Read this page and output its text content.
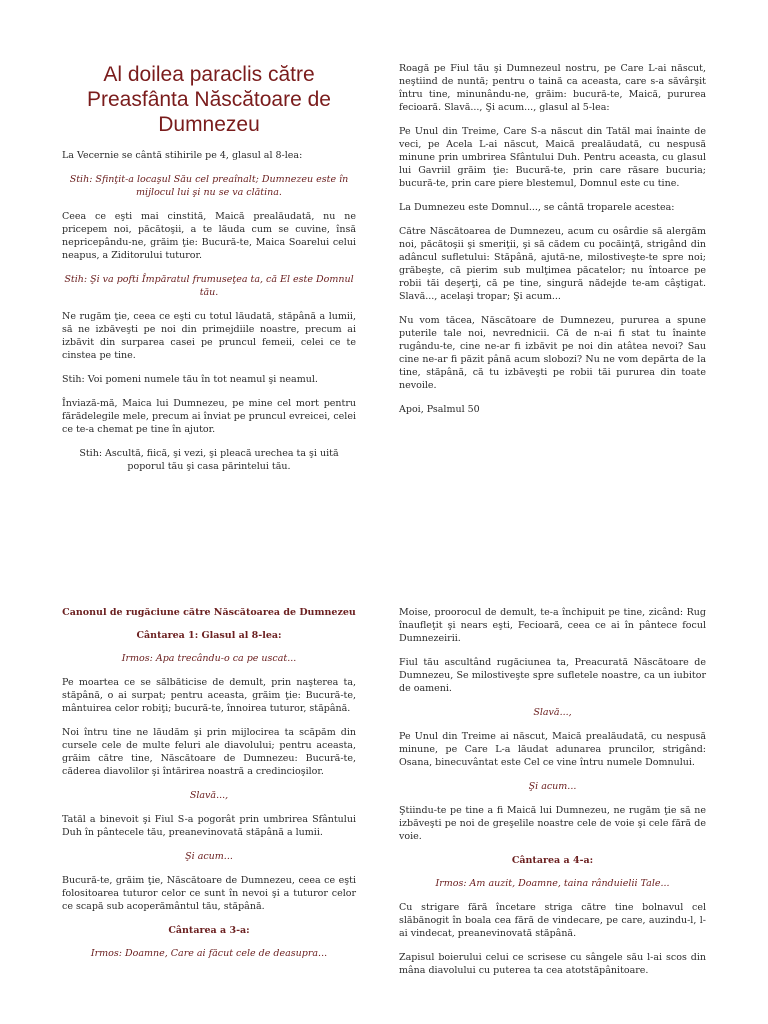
Al doilea paraclis către Preasfânta Născătoare de Dumnezeu

La Vecernie se cântă stihirile pe 4, glasul al 8-lea:

Stih: Sfinţit-a locaşul Său cel preaînalt; Dumnezeu este în mijlocul lui şi nu se va clătina.

Ceea ce eşti mai cinstită, Maică prealăudată, nu ne pricepem noi, păcătoşii, a te lăuda cum se cuvine, însă nepricepându-ne, grăim ţie: Bucură-te, Maica Soarelui celui neapus, a Ziditorului tuturor.

Stih: Şi va pofti Împăratul frumuseţea ta, că El este Domnul tău.

Ne rugăm ţie, ceea ce eşti cu totul lăudată, stăpână a lumii, să ne izbăveşti pe noi din primejdiile noastre, precum ai izbăvit din surparea casei pe pruncul femeii, celei ce te cinstea pe tine.

Stih: Voi pomeni numele tău în tot neamul şi neamul.

Învіază-mă, Maica lui Dumnezeu, pe mine cel mort pentru fărădelegile mele, precum ai înviat pe pruncul evreicei, celei ce te-a chemat pe tine în ajutor.

Stih: Ascultă, fiică, şi vezi, şi pleacă urechea ta şi uită poporul tău şi casa părintelui tău.

Roagă pe Fiul tău şi Dumnezeul nostru, pe Care L-ai născut, neştiind de nuntă; pentru o taină ca aceasta, care s-a săvârşit întru tine, minunându-ne, grăim: bucură-te, Maică, pururea fecioară. Slavă..., Şi acum..., glasul al 5-lea:

Pe Unul din Treime, Care S-a născut din Tatăl mai înainte de veci, pe Acela L-ai născut, Maică prealăudată, cu nespusă minune prin umbrirea Sfântului Duh. Pentru aceasta, cu glasul lui Gavriil grăim ţie: Bucură-te, prin care răsare bucuria; bucură-te, prin care piere blestemul, Domnul este cu tine.

La Dumnezeu este Domnul..., se cântă troparele acestea:

Către Născătoarea de Dumnezeu, acum cu osârdie să alergăm noi, păcătoşii şi smeriţii, şi să cădem cu pocăinţă, strigând din adâncul sufletului: Stăpână, ajută-ne, milostiveşte-te spre noi; grăbeşte, că pierim sub mulţimea păcatelor; nu întoarce pe robii tăi deşerţi, că pe tine, singură nădejde te-am câştigat. Slavă..., acelaşi tropar; Şi acum...

Nu vom tăcea, Născătoare de Dumnezeu, pururea a spune puterile tale noi, nevrednicii. Că de n-ai fi stat tu înainte rugându-te, cine ne-ar fi izbăvit pe noi din atâtea nevoi? Sau cine ne-ar fi păzit până acum slobozi? Nu ne vom depărta de la tine, stăpână, că tu izbăveşti pe robii tăi pururea din toate nevoile.

Apoi, Psalmul 50

Canonul de rugăciune către Născătoarea de Dumnezeu

Cântarea 1: Glasul al 8-lea:

Irmos: Apa trecându-o ca pe uscat...

Pe moartea ce se sălbăticise de demult, prin naşterea ta, stăpână, o ai surpat; pentru aceasta, grăim ţie: Bucură-te, mântuirea celor robiţi; bucură-te, înnoirea tuturor, stăpână.

Noi întru tine ne lăudăm şi prin mijlocirea ta scăpăm din cursele cele de multe feluri ale diavolului; pentru aceasta, grăim către tine, Născătoare de Dumnezeu: Bucură-te, căderea diavolilor şi întărirea noastră a credincioşilor.

Slavă...,

Tatăl a binevoit şi Fiul S-a pogorât prin umbrirea Sfântului Duh în pântecele tău, preanevinovată stăpână a lumii.

Şi acum...

Bucură-te, grăim ţie, Născătoare de Dumnezeu, ceea ce eşti folositoarea tuturor celor ce sunt în nevoi şi a tuturor celor ce scapă sub acoperământul tău, stăpână.

Cântarea a 3-a:

Irmos: Doamne, Care ai făcut cele de deasupra...

Moise, proorocul de demult, te-a închipuit pe tine, zicând: Rug înaufleţit şi nears eşti, Fecioară, ceea ce ai în pântece focul Dumnezeirii.

Fiul tău ascultând rugăciunea ta, Preacurată Născătoare de Dumnezeu, Se milostiveşte spre sufletele noastre, ca un iubitor de oameni.

Slavă...,

Pe Unul din Treime ai născut, Maică prealăudată, cu nespusă minune, pe Care L-a lăudat adunarea pruncilor, strigând: Osana, binecuvântat este Cel ce vine întru numele Domnului.

Şi acum...

Ştiindu-te pe tine a fi Maică lui Dumnezeu, ne rugăm ţie să ne izbăveşti pe noi de greşelile noastre cele de voie şi cele fără de voie.

Cântarea a 4-a:

Irmos: Am auzit, Doamne, taina rânduielii Tale...

Cu strigare fără încetare striga către tine bolnavul cel slăbănogit în boala cea fără de vindecare, pe care, auzindu-l, l-ai vindecat, preanevinovată stăpână.

Zapisul boierului celui ce scrisese cu sângele său l-ai scos din mâna diavolului cu puterea ta cea atotstăpânitoare.
